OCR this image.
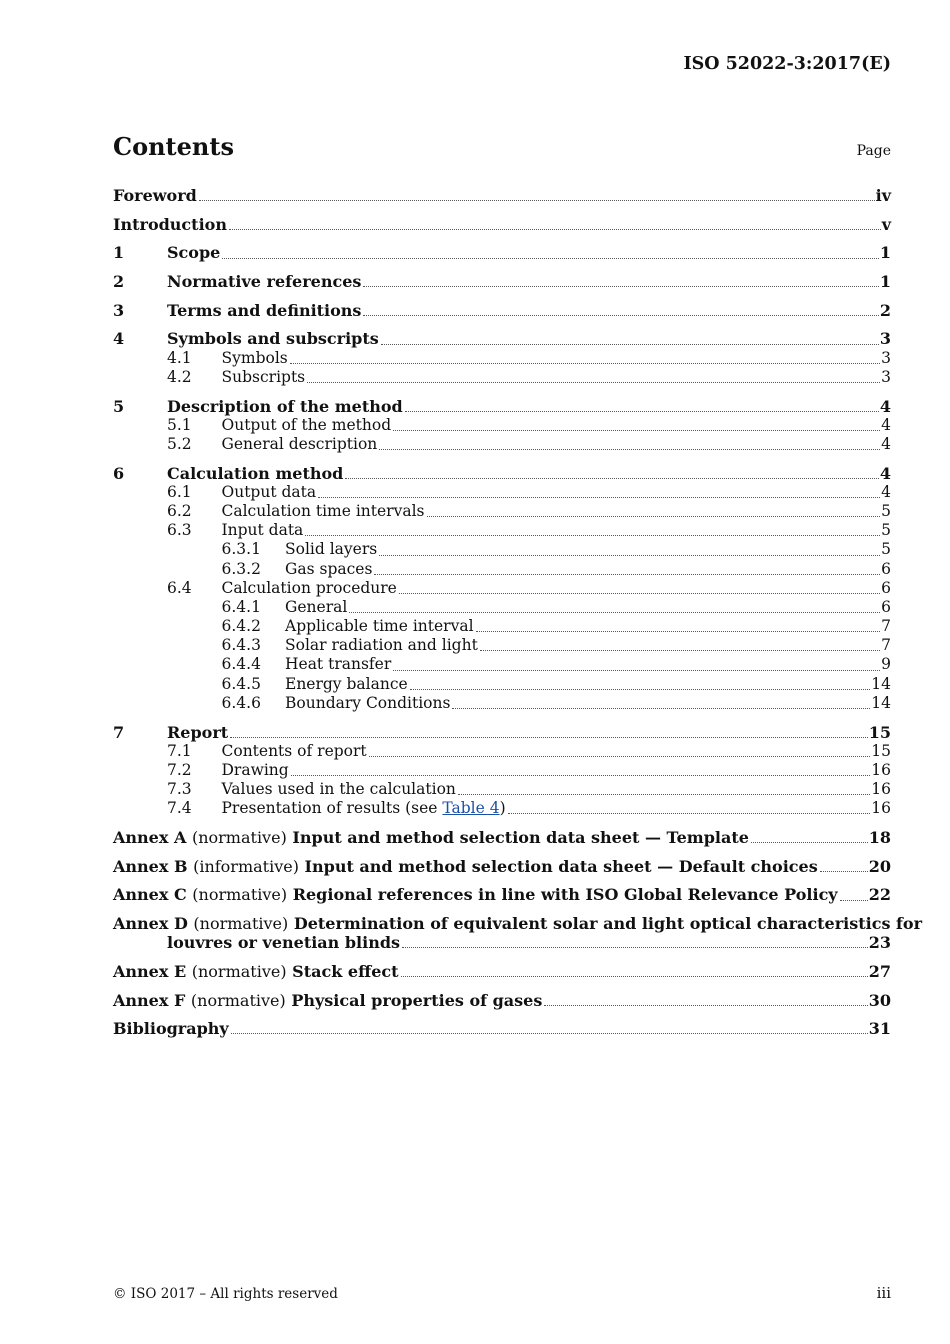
ISO 52022-3:2017(E)
Contents	Page
Foreword	iv
Introduction	v
1	Scope	1
2	Normative references	1
3	Terms and definitions	2
4	Symbols and subscripts	3
4.1	Symbols	3
4.2	Subscripts	3
5	Description of the method	4
5.1	Output of the method	4
5.2	General description	4
6	Calculation method	4
6.1	Output data	4
6.2	Calculation time intervals	5
6.3	Input data	5
6.3.1	Solid layers	5
6.3.2	Gas spaces	6
6.4	Calculation procedure	6
6.4.1	General	6
6.4.2	Applicable time interval	7
6.4.3	Solar radiation and light	7
6.4.4	Heat transfer	9
6.4.5	Energy balance	14
6.4.6	Boundary Conditions	14
7	Report	15
7.1	Contents of report	15
7.2	Drawing	16
7.3	Values used in the calculation	16
7.4	Presentation of results (see Table 4)	16
Annex A (normative) Input and method selection data sheet — Template	18
Annex B (informative) Input and method selection data sheet — Default choices	20
Annex C (normative) Regional references in line with ISO Global Relevance Policy 22
Annex D (normative) Determination of equivalent solar and light optical characteristics for
louvres or venetian blinds	23
Annex E (normative) Stack effect	27
Annex F (normative) Physical properties of gases	30
Bibliography	31
© ISO 2017 – All rights reserved	iii
